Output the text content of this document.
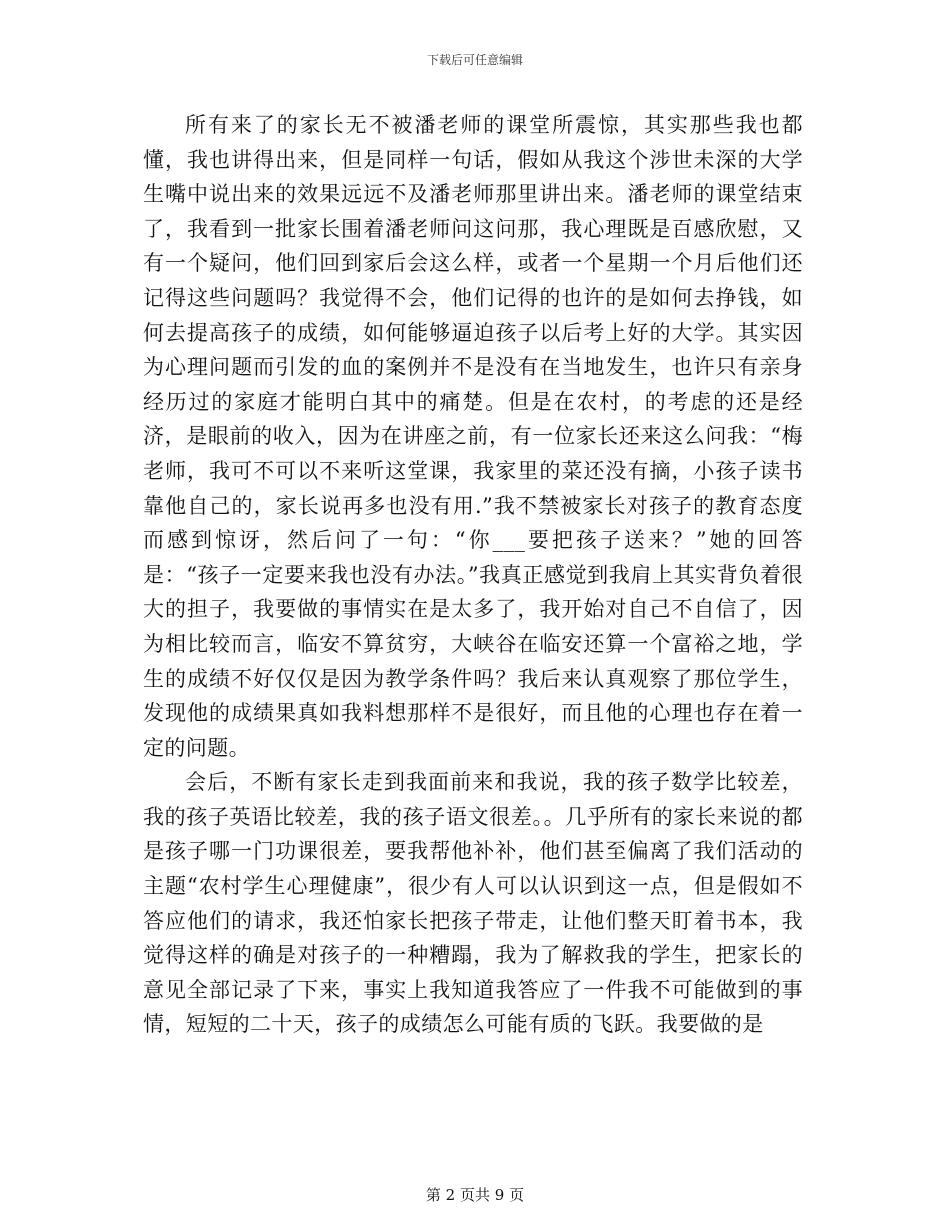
下载后可任意编辑

所有来了的家长无不被潘老师的课堂所震惊，其实那些我也都懂，我也讲得出来，但是同样一句话，假如从我这个涉世未深的大学生嘴中说出来的效果远远不及潘老师那里讲出来。潘老师的课堂结束了，我看到一批家长围着潘老师问这问那，我心理既是百感欣慰，又有一个疑问，他们回到家后会这么样，或者一个星期一个月后他们还记得这些问题吗？我觉得不会，他们记得的也许的是如何去挣钱，如何去提高孩子的成绩，如何能够逼迫孩子以后考上好的大学。其实因为心理问题而引发的血的案例并不是没有在当地发生，也许只有亲身经历过的家庭才能明白其中的痛楚。但是在农村，的考虑的还是经济，是眼前的收入，因为在讲座之前，有一位家长还来这么问我：“梅老师，我可不可以不来听这堂课，我家里的菜还没有摘，小孩子读书靠他自己的，家长说再多也没有用.”我不禁被家长对孩子的教育态度而感到惊讶，然后问了一句：“你___要把孩子送来？”她的回答是：“孩子一定要来我也没有办法。”我真正感觉到我肩上其实背负着很大的担子，我要做的事情实在是太多了，我开始对自己不自信了，因为相比较而言，临安不算贫穷，大峡谷在临安还算一个富裕之地，学生的成绩不好仅仅是因为教学条件吗？我后来认真观察了那位学生，发现他的成绩果真如我料想那样不是很好，而且他的心理也存在着一定的问题。

会后，不断有家长走到我面前来和我说，我的孩子数学比较差，我的孩子英语比较差，我的孩子语文很差。。几乎所有的家长来说的都是孩子哪一门功课很差，要我帮他补补，他们甚至偏离了我们活动的主题“农村学生心理健康”，很少有人可以认识到这一点，但是假如不答应他们的请求，我还怕家长把孩子带走，让他们整天盯着书本，我觉得这样的确是对孩子的一种糟蹋，我为了解救我的学生，把家长的意见全部记录了下来，事实上我知道我答应了一件我不可能做到的事情，短短的二十天，孩子的成绩怎么可能有质的飞跃。我要做的是

第 2 页共 9 页
